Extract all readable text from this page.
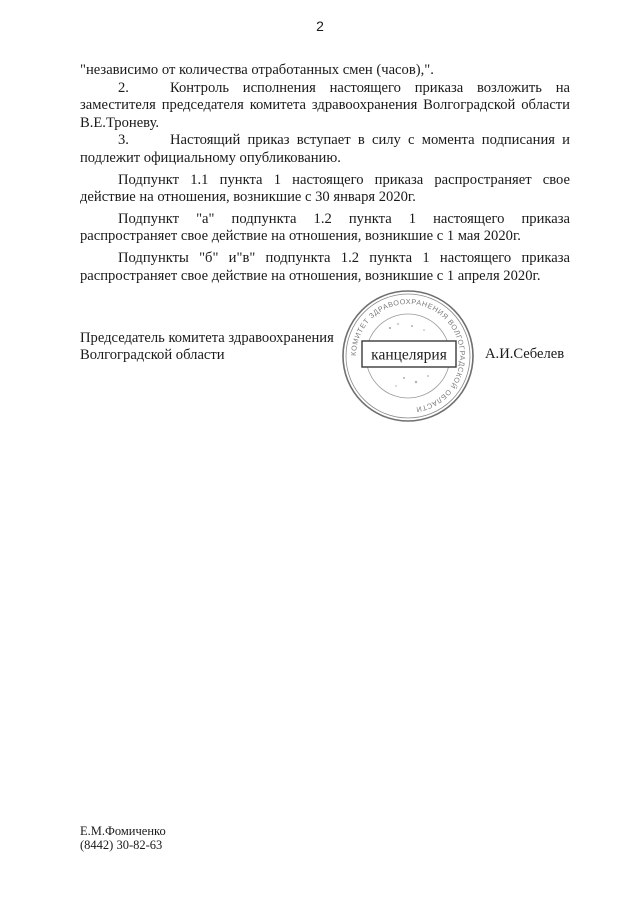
2

"независимо от количества отработанных смен (часов),".

2.	Контроль исполнения настоящего приказа возложить на заместителя председателя комитета здравоохранения Волгоградской области В.Е.Троневу.

3.	Настоящий приказ вступает в силу с момента подписания и подлежит официальному опубликованию.

Подпункт 1.1 пункта 1 настоящего приказа распространяет свое действие на отношения, возникшие с 30 января 2020г.

Подпункт "а" подпункта 1.2 пункта 1 настоящего приказа распространяет свое действие на отношения, возникшие с 1 мая 2020г.

Подпункты "б" и"в" подпункта 1.2 пункта 1 настоящего приказа распространяет свое действие на отношения, возникшие с 1 апреля 2020г.

Председатель комитета здравоохранения
Волгоградской области	КОМИТЕТ ЗДРАВООХРАНЕНИЯ ВОЛГОГРАДСКОЙ ОБЛАСТИ
канцелярия	А.И.Себелев
Е.М.Фомиченко
(8442) 30-82-63
